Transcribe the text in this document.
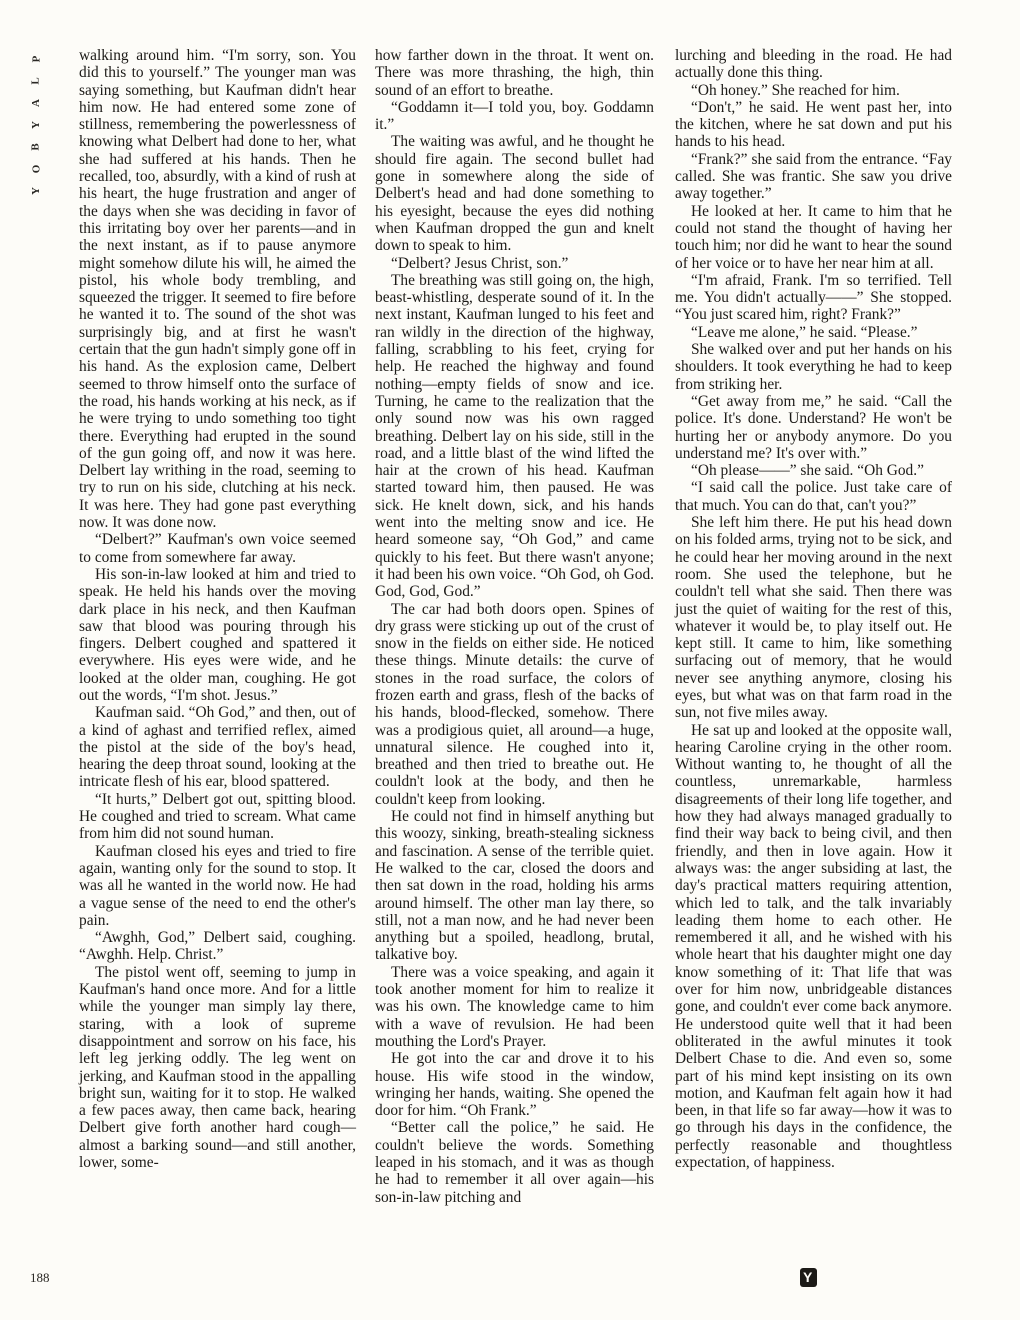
P
L
A
Y
B
O
Y

walking around him. “I'm sorry, son. You did this to yourself.” The younger man was saying something, but Kaufman didn't hear him now. He had entered some zone of stillness, remembering the powerlessness of knowing what Delbert had done to her, what she had suffered at his hands. Then he recalled, too, absurdly, with a kind of rush at his heart, the huge frustration and anger of the days when she was deciding in favor of this irritating boy over her parents—and in the next instant, as if to pause anymore might somehow dilute his will, he aimed the pistol, his whole body trembling, and squeezed the trigger. It seemed to fire before he wanted it to. The sound of the shot was surprisingly big, and at first he wasn't certain that the gun hadn't simply gone off in his hand. As the explosion came, Delbert seemed to throw himself onto the surface of the road, his hands working at his neck, as if he were trying to undo something too tight there. Everything had erupted in the sound of the gun going off, and now it was here. Delbert lay writhing in the road, seeming to try to run on his side, clutching at his neck. It was here. They had gone past everything now. It was done now.

“Delbert?” Kaufman's own voice seemed to come from somewhere far away.

His son-in-law looked at him and tried to speak. He held his hands over the moving dark place in his neck, and then Kaufman saw that blood was pouring through his fingers. Delbert coughed and spattered it everywhere. His eyes were wide, and he looked at the older man, coughing. He got out the words, “I'm shot. Jesus.”

Kaufman said. “Oh God,” and then, out of a kind of aghast and terrified reflex, aimed the pistol at the side of the boy's head, hearing the deep throat sound, looking at the intricate flesh of his ear, blood spattered.

“It hurts,” Delbert got out, spitting blood. He coughed and tried to scream. What came from him did not sound human.

Kaufman closed his eyes and tried to fire again, wanting only for the sound to stop. It was all he wanted in the world now. He had a vague sense of the need to end the other's pain.

“Awghh, God,” Delbert said, coughing. “Awghh. Help. Christ.”

The pistol went off, seeming to jump in Kaufman's hand once more. And for a little while the younger man simply lay there, staring, with a look of supreme disappointment and sorrow on his face, his left leg jerking oddly. The leg went on jerking, and Kaufman stood in the appalling bright sun, waiting for it to stop. He walked a few paces away, then came back, hearing Delbert give forth another hard cough—almost a barking sound—and still another, lower, some-

how farther down in the throat. It went on. There was more thrashing, the high, thin sound of an effort to breathe.

“Goddamn it—I told you, boy. Goddamn it.”

The waiting was awful, and he thought he should fire again. The second bullet had gone in somewhere along the side of Delbert's head and had done something to his eyesight, because the eyes did nothing when Kaufman dropped the gun and knelt down to speak to him.

“Delbert? Jesus Christ, son.”

The breathing was still going on, the high, beast-whistling, desperate sound of it. In the next instant, Kaufman lunged to his feet and ran wildly in the direction of the highway, falling, scrabbling to his feet, crying for help. He reached the highway and found nothing—empty fields of snow and ice. Turning, he came to the realization that the only sound now was his own ragged breathing. Delbert lay on his side, still in the road, and a little blast of the wind lifted the hair at the crown of his head. Kaufman started toward him, then paused. He was sick. He knelt down, sick, and his hands went into the melting snow and ice. He heard someone say, “Oh God,” and came quickly to his feet. But there wasn't anyone; it had been his own voice. “Oh God, oh God. God, God, God.”

The car had both doors open. Spines of dry grass were sticking up out of the crust of snow in the fields on either side. He noticed these things. Minute details: the curve of stones in the road surface, the colors of frozen earth and grass, flesh of the backs of his hands, blood-flecked, somehow. There was a prodigious quiet, all around—a huge, unnatural silence. He coughed into it, breathed and then tried to breathe out. He couldn't look at the body, and then he couldn't keep from looking.

He could not find in himself anything but this woozy, sinking, breath-stealing sickness and fascination. A sense of the terrible quiet. He walked to the car, closed the doors and then sat down in the road, holding his arms around himself. The other man lay there, so still, not a man now, and he had never been anything but a spoiled, headlong, brutal, talkative boy.

There was a voice speaking, and again it took another moment for him to realize it was his own. The knowledge came to him with a wave of revulsion. He had been mouthing the Lord's Prayer.

He got into the car and drove it to his house. His wife stood in the window, wringing her hands, waiting. She opened the door for him. “Oh Frank.”

“Better call the police,” he said. He couldn't believe the words. Something leaped in his stomach, and it was as though he had to remember it all over again—his son-in-law pitching and

lurching and bleeding in the road. He had actually done this thing.

“Oh honey.” She reached for him.

“Don't,” he said. He went past her, into the kitchen, where he sat down and put his hands to his head.

“Frank?” she said from the entrance. “Fay called. She was frantic. She saw you drive away together.”

He looked at her. It came to him that he could not stand the thought of having her touch him; nor did he want to hear the sound of her voice or to have her near him at all.

“I'm afraid, Frank. I'm so terrified. Tell me. You didn't actually——” She stopped. “You just scared him, right? Frank?”

“Leave me alone,” he said. “Please.”

She walked over and put her hands on his shoulders. It took everything he had to keep from striking her.

“Get away from me,” he said. “Call the police. It's done. Understand? He won't be hurting her or anybody anymore. Do you understand me? It's over with.”

“Oh please——” she said. “Oh God.”

“I said call the police. Just take care of that much. You can do that, can't you?”

She left him there. He put his head down on his folded arms, trying not to be sick, and he could hear her moving around in the next room. She used the telephone, but he couldn't tell what she said. Then there was just the quiet of waiting for the rest of this, whatever it would be, to play itself out. He kept still. It came to him, like something surfacing out of memory, that he would never see anything anymore, closing his eyes, but what was on that farm road in the sun, not five miles away.

He sat up and looked at the opposite wall, hearing Caroline crying in the other room. Without wanting to, he thought of all the countless, unremarkable, harmless disagreements of their long life together, and how they had always managed gradually to find their way back to being civil, and then friendly, and then in love again. How it always was: the anger subsiding at last, the day's practical matters requiring attention, which led to talk, and the talk invariably leading them home to each other. He remembered it all, and he wished with his whole heart that his daughter might one day know something of it: That life that was over for him now, unbridgeable distances gone, and couldn't ever come back anymore. He understood quite well that it had been obliterated in the awful minutes it took Delbert Chase to die. And even so, some part of his mind kept insisting on its own motion, and Kaufman felt again how it had been, in that life so far away—how it was to go through his days in the confidence, the perfectly reasonable and thoughtless expectation, of happiness.

188	Y
